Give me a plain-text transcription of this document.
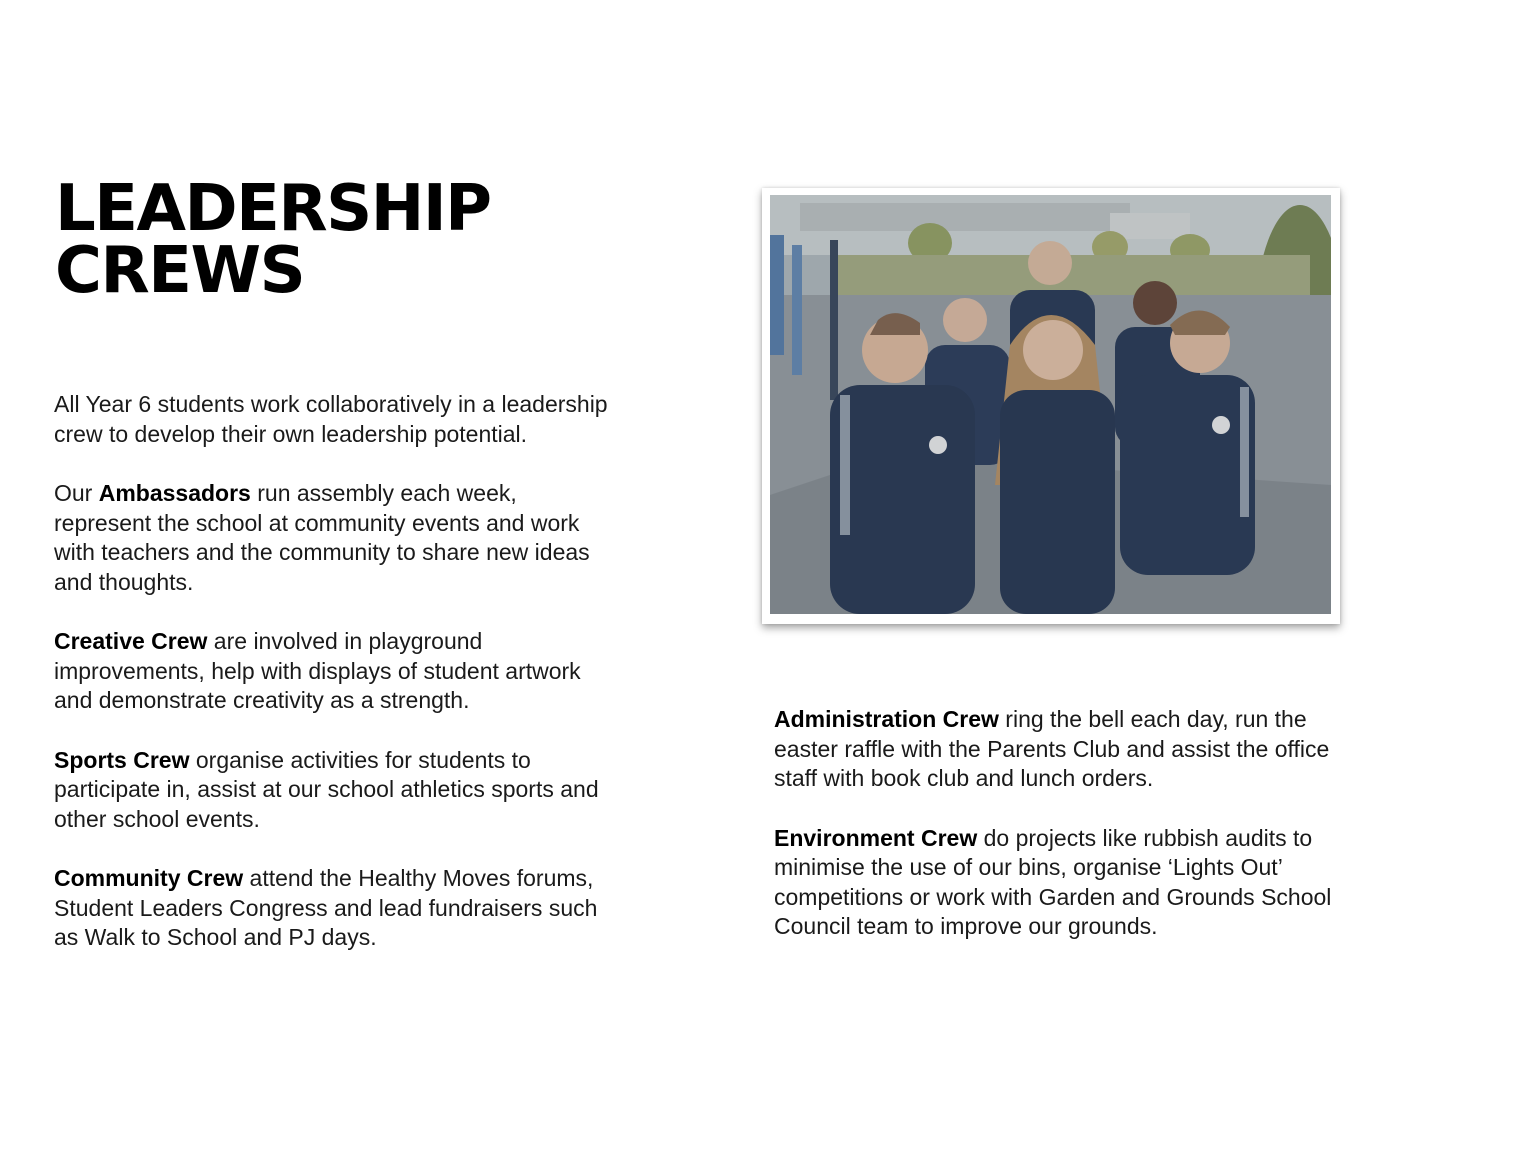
LEADERSHIP
CREWS

All Year 6 students work collaboratively in a leadership crew to develop their own leadership potential.

Our Ambassadors run assembly each week, represent the school at community events and work with teachers and the community to share new ideas and thoughts.

Creative Crew are involved in playground improvements, help with displays of student artwork and demonstrate creativity as a strength.

Sports Crew organise activities for students to participate in, assist at our school athletics sports and other school events.

Community Crew attend the Healthy Moves forums, Student Leaders Congress and lead fundraisers such as Walk to School and PJ days.

Administration Crew ring the bell each day, run the easter raffle with the Parents Club and assist the office staff with book club and lunch orders.

Environment Crew do projects like rubbish audits to minimise the use of our bins, organise ‘Lights Out’ competitions or work with Garden and Grounds School Council team to improve our grounds.
